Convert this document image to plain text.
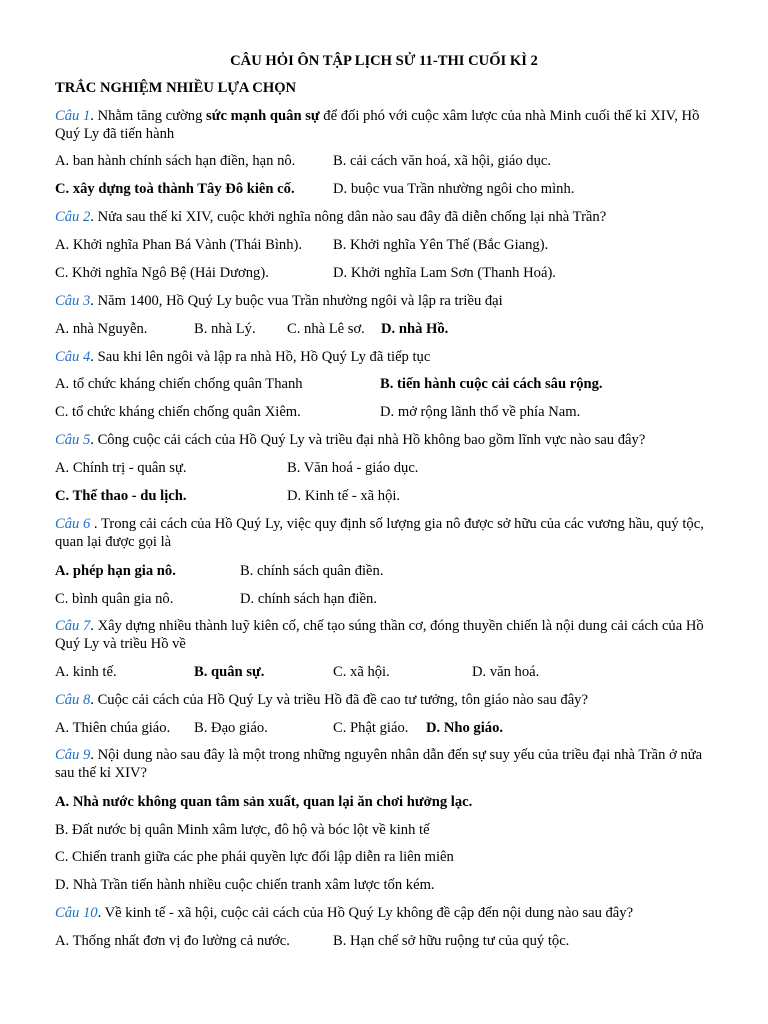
CÂU HỎI ÔN TẬP LỊCH SỬ 11-THI CUỐI KÌ 2
TRẮC NGHIỆM NHIỀU LỰA CHỌN
Câu 1. Nhằm tăng cường sức mạnh quân sự để đối phó với cuộc xâm lược của nhà Minh cuối thế kỉ XIV, Hồ Quý Ly đã tiến hành
A. ban hành chính sách hạn điền, hạn nô.	B. cải cách văn hoá, xã hội, giáo dục.
C. xây dựng toà thành Tây Đô kiên cố.	D. buộc vua Trần nhường ngôi cho mình.
Câu 2. Nửa sau thế kỉ XIV, cuộc khởi nghĩa nông dân nào sau đây đã diễn chống lại nhà Trần?
A. Khởi nghĩa Phan Bá Vành (Thái Bình). B. Khởi nghĩa Yên Thế (Bắc Giang).
C. Khởi nghĩa Ngô Bệ (Hải Dương).	D. Khởi nghĩa Lam Sơn (Thanh Hoá).
Câu 3. Năm 1400, Hồ Quý Ly buộc vua Trần nhường ngôi và lập ra triều đại
A. nhà Nguyễn.	B. nhà Lý. C. nhà Lê sơ. D. nhà Hồ.
Câu 4. Sau khi lên ngôi và lập ra nhà Hồ, Hồ Quý Ly đã tiếp tục
A. tổ chức kháng chiến chống quân Thanh	B. tiến hành cuộc cải cách sâu rộng.
C. tổ chức kháng chiến chống quân Xiêm.	D. mở rộng lãnh thổ về phía Nam.
Câu 5. Công cuộc cải cách của Hồ Quý Ly và triều đại nhà Hồ không bao gồm lĩnh vực nào sau đây?
A. Chính trị - quân sự.	B. Văn hoá - giáo dục.
C. Thể thao - du lịch.	D. Kinh tế - xã hội.
Câu 6 . Trong cải cách của Hồ Quý Ly, việc quy định số lượng gia nô được sở hữu của các vương hầu, quý tộc, quan lại được gọi là
A. phép hạn gia nô.	B. chính sách quân điền.
C. bình quân gia nô.	D. chính sách hạn điền.
Câu 7. Xây dựng nhiều thành luỹ kiên cố, chế tạo súng thần cơ, đóng thuyền chiến là nội dung cải cách của Hồ Quý Ly và triều Hồ về
A. kinh tế.	B. quân sự.	C. xã hội.	D. văn hoá.
Câu 8. Cuộc cải cách của Hồ Quý Ly và triều Hồ đã đề cao tư tưởng, tôn giáo nào sau đây?
A. Thiên chúa giáo. B. Đạo giáo.	C. Phật giáo. D. Nho giáo.
Câu 9. Nội dung nào sau đây là một trong những nguyên nhân dẫn đến sự suy yếu của triều đại nhà Trần ở nửa sau thế kỉ XIV?
A. Nhà nước không quan tâm sản xuất, quan lại ăn chơi hưởng lạc.
B. Đất nước bị quân Minh xâm lược, đô hộ và bóc lột về kinh tế
C. Chiến tranh giữa các phe phái quyền lực đối lập diễn ra liên miên
D. Nhà Trần tiến hành nhiều cuộc chiến tranh xâm lược tốn kém.
Câu 10. Về kinh tế - xã hội, cuộc cải cách của Hồ Quý Ly không đề cập đến nội dung nào sau đây?
A. Thống nhất đơn vị đo lường cả nước.	B. Hạn chế sở hữu ruộng tư của quý tộc.
